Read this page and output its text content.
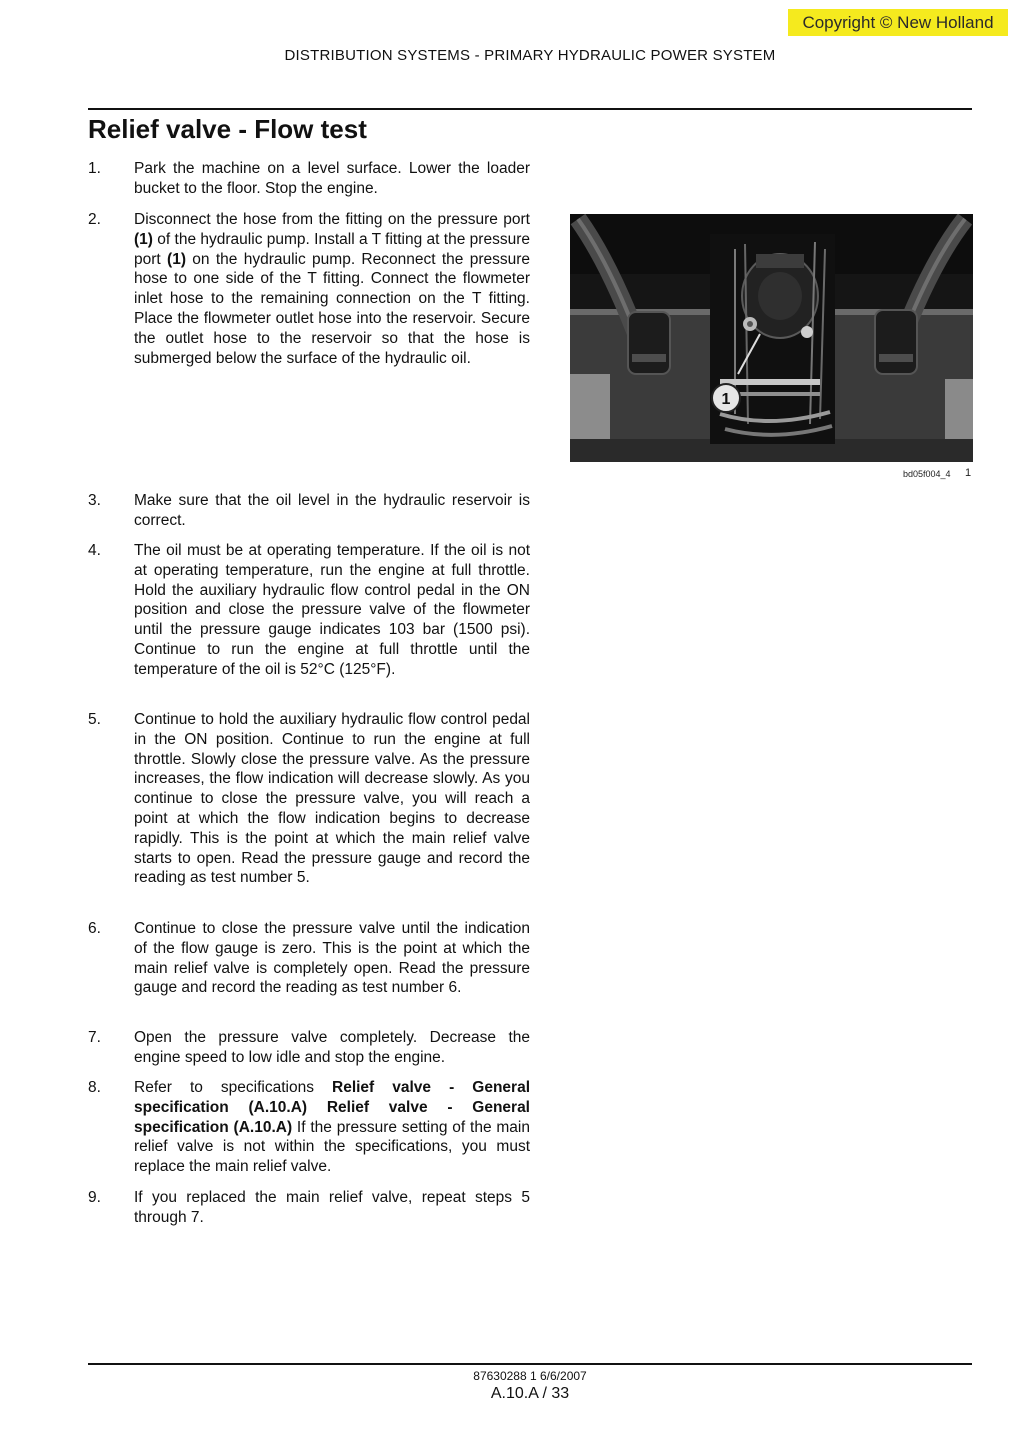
Copyright © New Holland
DISTRIBUTION SYSTEMS - PRIMARY HYDRAULIC POWER SYSTEM
Relief valve - Flow test
1.	Park the machine on a level surface. Lower the loader bucket to the floor. Stop the engine.
2.	Disconnect the hose from the fitting on the pressure port (1) of the hydraulic pump. Install a T fitting at the pressure port (1) on the hydraulic pump. Reconnect the pressure hose to one side of the T fitting. Connect the flowmeter inlet hose to the remaining connection on the T fitting. Place the flowmeter outlet hose into the reservoir. Secure the outlet hose to the reservoir so that the hose is submerged below the surface of the hydraulic oil.
3.	Make sure that the oil level in the hydraulic reservoir is correct.
4.	The oil must be at operating temperature. If the oil is not at operating temperature, run the engine at full throttle. Hold the auxiliary hydraulic flow control pedal in the ON position and close the pressure valve of the flowmeter until the pressure gauge indicates 103 bar (1500 psi). Continue to run the engine at full throttle until the temperature of the oil is 52°C (125°F).
5.	Continue to hold the auxiliary hydraulic flow control pedal in the ON position. Continue to run the engine at full throttle. Slowly close the pressure valve. As the pressure increases, the flow indication will decrease slowly. As you continue to close the pressure valve, you will reach a point at which the flow indication begins to decrease rapidly. This is the point at which the main relief valve starts to open. Read the pressure gauge and record the reading as test number 5.
6.	Continue to close the pressure valve until the indication of the flow gauge is zero. This is the point at which the main relief valve is completely open. Read the pressure gauge and record the reading as test number 6.
7.	Open the pressure valve completely. Decrease the engine speed to low idle and stop the engine.
8.	Refer to specifications Relief valve - General specification (A.10.A) Relief valve - General specification (A.10.A) If the pressure setting of the main relief valve is not within the specifications, you must replace the main relief valve.
9.	If you replaced the main relief valve, repeat steps 5 through 7.
1
bd05f004_4 1
87630288 1 6/6/2007
A.10.A / 33
